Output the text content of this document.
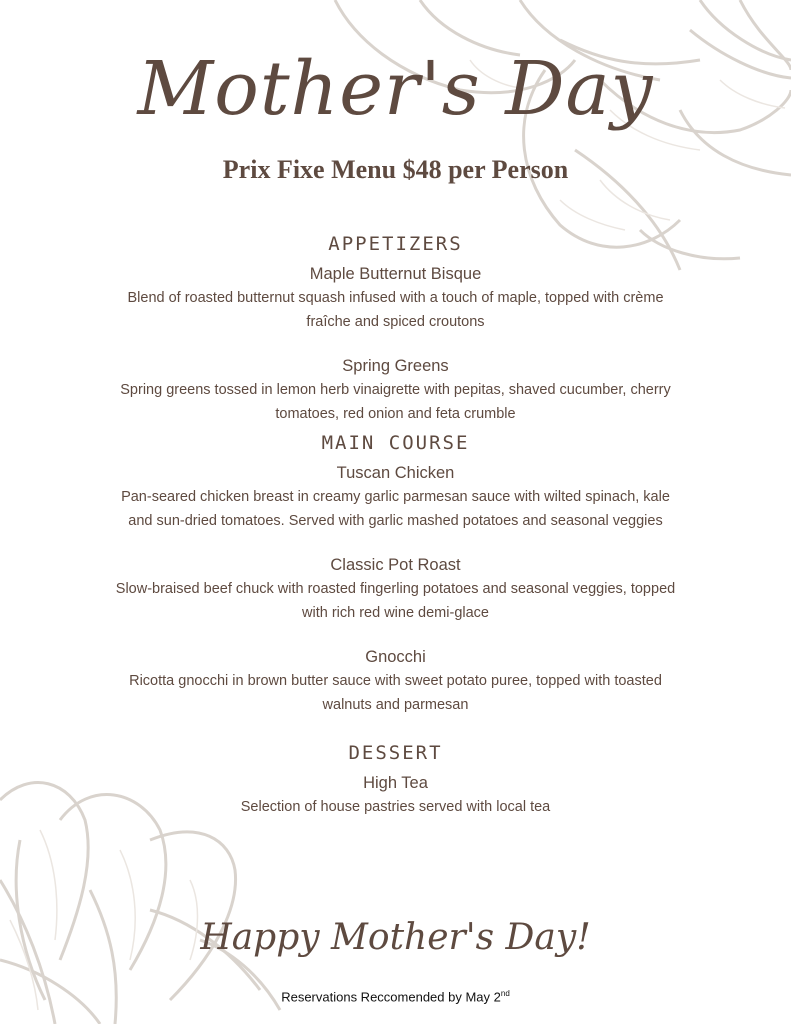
Mother's Day
Prix Fixe Menu $48 per Person
APPETIZERS
Maple Butternut Bisque
Blend of roasted butternut squash infused with a touch of maple, topped with crème fraîche and spiced croutons
Spring Greens
Spring greens tossed in lemon herb vinaigrette with pepitas, shaved cucumber, cherry tomatoes, red onion and feta crumble
MAIN COURSE
Tuscan Chicken
Pan-seared chicken breast in creamy garlic parmesan sauce with wilted spinach, kale and sun-dried tomatoes. Served with garlic mashed potatoes and seasonal veggies
Classic Pot Roast
Slow-braised beef chuck with roasted fingerling potatoes and seasonal veggies, topped with rich red wine demi-glace
Gnocchi
Ricotta gnocchi in brown butter sauce with sweet potato puree, topped with toasted walnuts and parmesan
DESSERT
High Tea
Selection of house pastries served with local tea
Happy Mother's Day!
Reservations Reccomended by May 2nd
